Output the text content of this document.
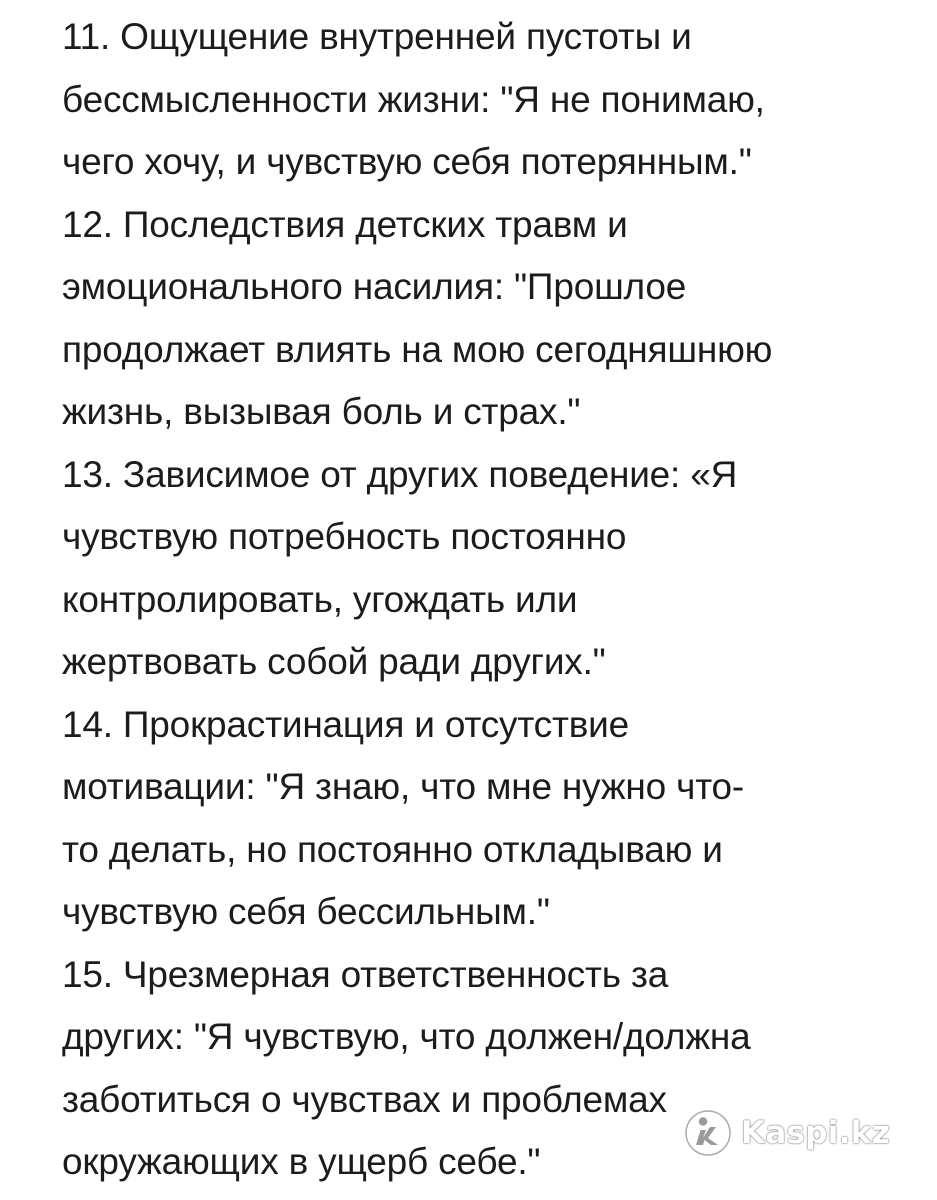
11. Ощущение внутренней пустоты и
бессмысленности жизни: "Я не понимаю,
чего хочу, и чувствую себя потерянным."
12. Последствия детских травм и
эмоционального насилия: "Прошлое
продолжает влиять на мою сегодняшнюю
жизнь, вызывая боль и страх."
13. Зависимое от других поведение: «Я
чувствую потребность постоянно
контролировать, угождать или
жертвовать собой ради других."
14. Прокрастинация и отсутствие
мотивации: "Я знаю, что мне нужно что-
то делать, но постоянно откладываю и
чувствую себя бессильным."
15. Чрезмерная ответственность за
других: "Я чувствую, что должен/должна
заботиться о чувствах и проблемах
окружающих в ущерб себе."
Kaspi.kz
